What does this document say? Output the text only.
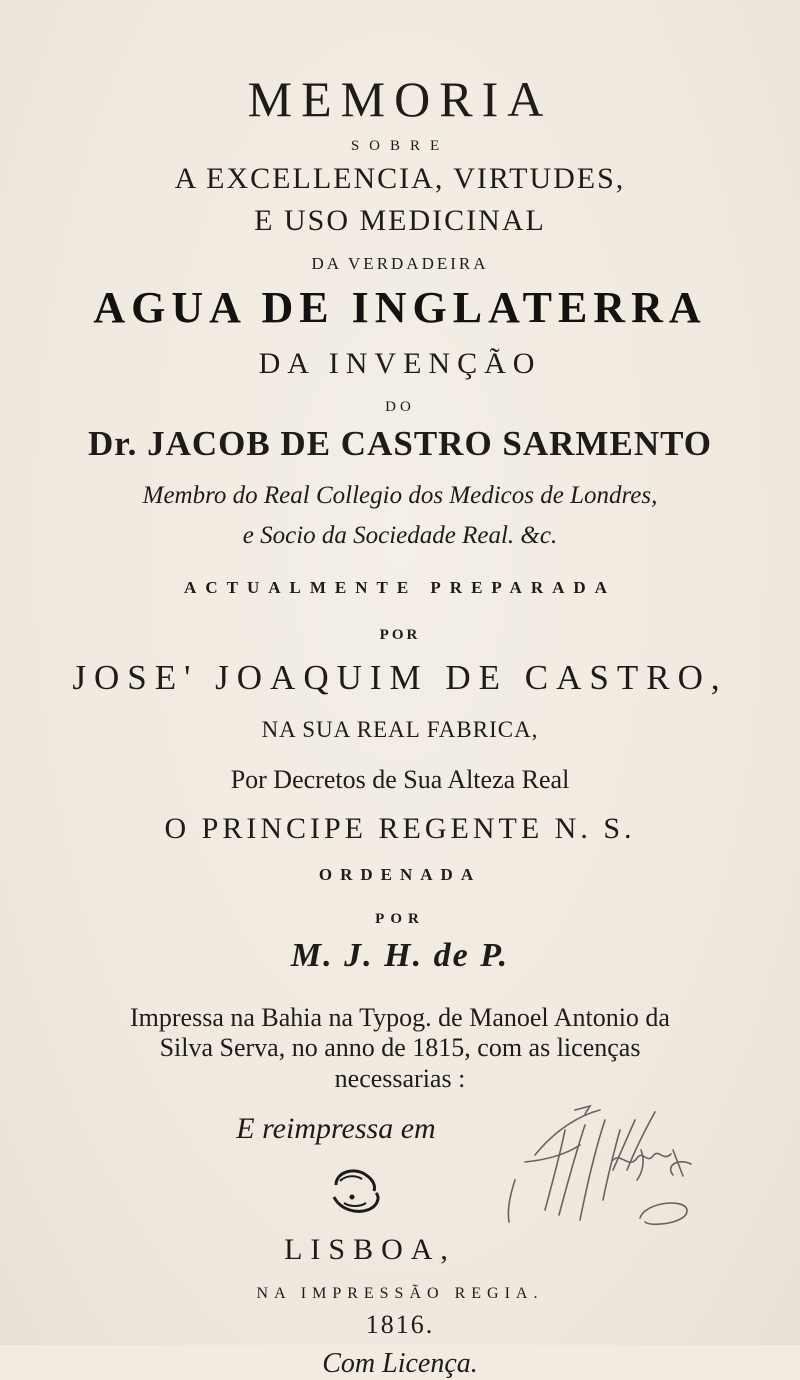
MEMORIA
SOBRE
A EXCELLENCIA, VIRTUDES,
E USO MEDICINAL
DA VERDADEIRA
AGUA DE INGLATERRA
DA INVENÇÃO
DO
Dr. JACOB DE CASTRO SARMENTO
Membro do Real Collegio dos Medicos de Londres,
e Socio da Sociedade Real. &c.
ACTUALMENTE PREPARADA
POR
JOSE' JOAQUIM DE CASTRO,
NA SUA REAL FABRICA,
Por Decretos de Sua Alteza Real
O PRINCIPE REGENTE N. S.
ORDENADA
POR
M. J. H. de P.
Impressa na Bahia na Typog. de Manoel Antonio da
Silva Serva, no anno de 1815, com as licenças
necessarias :
E reimpressa em
LISBOA,
NA IMPRESSÃO REGIA.
1816.
Com Licença.
